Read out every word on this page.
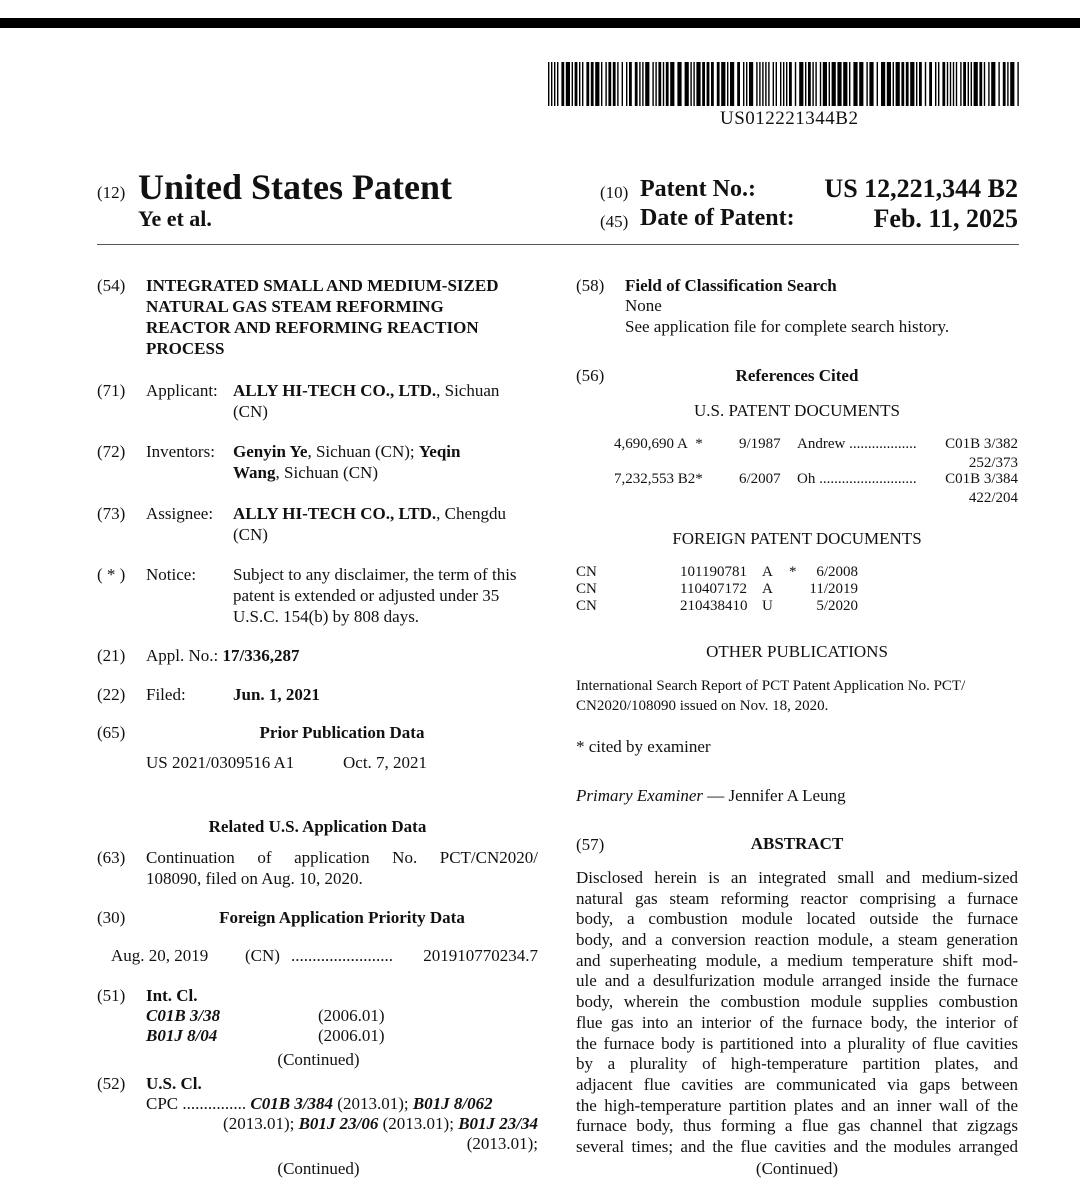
US012221344B2
(12) United States Patent
Ye et al.
(10) Patent No.:	US 12,221,344 B2
(45) Date of Patent:	Feb. 11, 2025
(54) INTEGRATED SMALL AND MEDIUM-SIZED
NATURAL GAS STEAM REFORMING
REACTOR AND REFORMING REACTION
PROCESS
(71) Applicant: ALLY HI-TECH CO., LTD., Sichuan
(CN)
(72) Inventors: Genyin Ye, Sichuan (CN); Yeqin
Wang, Sichuan (CN)
(73) Assignee: ALLY HI-TECH CO., LTD., Chengdu
(CN)
( * ) Notice: Subject to any disclaimer, the term of this
patent is extended or adjusted under 35
U.S.C. 154(b) by 808 days.
(21) Appl. No.: 17/336,287
(22) Filed:	Jun. 1, 2021
(65)	Prior Publication Data
US 2021/0309516 A1	Oct. 7, 2021
Related U.S. Application Data
(63) Continuation of application No. PCT/CN2020/
108090, filed on Aug. 10, 2020.
(30)	Foreign Application Priority Data
Aug. 20, 2019 (CN) ........................ 201910770234.7
(51) Int. Cl.
C01B 3/38	(2006.01)
B01J 8/04	(2006.01)
(Continued)
(52) U.S. Cl.
CPC ............... C01B 3/384 (2013.01); B01J 8/062
(2013.01); B01J 23/06 (2013.01); B01J 23/34
(2013.01);
(Continued)
(58) Field of Classification Search
None
See application file for complete search history.
(56)	References Cited
U.S. PATENT DOCUMENTS
4,690,690 A * 9/1987 Andrew .................. C01B 3/382
252/373
7,232,553 B2* 6/2007 Oh .......................... C01B 3/384
422/204
FOREIGN PATENT DOCUMENTS
CN	101190781 A * 6/2008
CN	110407172 A 11/2019
CN	210438410 U	5/2020
OTHER PUBLICATIONS
International Search Report of PCT Patent Application No. PCT/
CN2020/108090 issued on Nov. 18, 2020.
* cited by examiner
Primary Examiner — Jennifer A Leung
(57)	ABSTRACT
Disclosed herein is an integrated small and medium-sized
natural gas steam reforming reactor comprising a furnace
body, a combustion module located outside the furnace
body, and a conversion reaction module, a steam generation
and superheating module, a medium temperature shift mod-
ule and a desulfurization module arranged inside the furnace
body, wherein the combustion module supplies combustion
flue gas into an interior of the furnace body, the interior of
the furnace body is partitioned into a plurality of flue cavities
by a plurality of high-temperature partition plates, and
adjacent flue cavities are communicated via gaps between
the high-temperature partition plates and an inner wall of the
furnace body, thus forming a flue gas channel that zigzags
several times; and the flue cavities and the modules arranged
(Continued)
